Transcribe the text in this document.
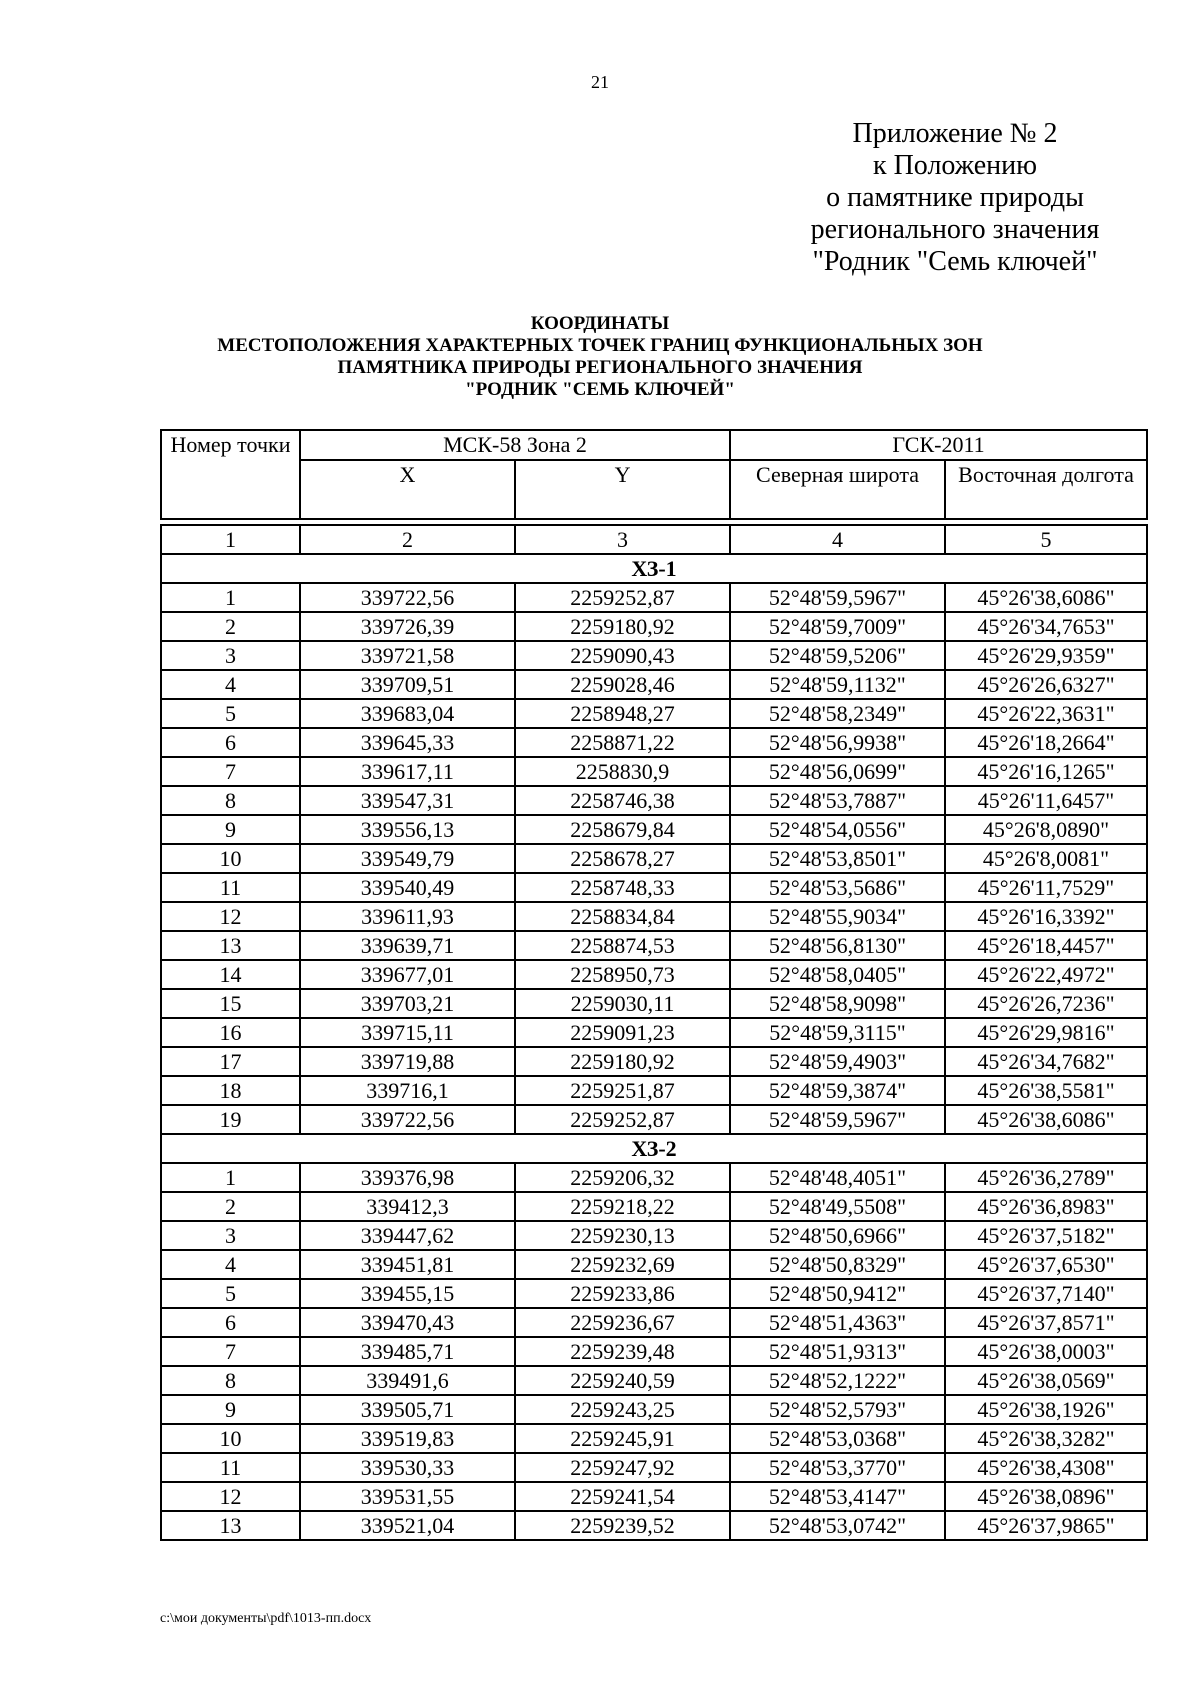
21
Приложение № 2
к Положению
о памятнике природы
регионального значения
"Родник "Семь ключей"
КООРДИНАТЫ
МЕСТОПОЛОЖЕНИЯ ХАРАКТЕРНЫХ ТОЧЕК ГРАНИЦ ФУНКЦИОНАЛЬНЫХ ЗОН
ПАМЯТНИКА ПРИРОДЫ РЕГИОНАЛЬНОГО ЗНАЧЕНИЯ
"РОДНИК "СЕМЬ КЛЮЧЕЙ"
Номер точки	МСК-58 Зона 2		ГСК-2011	
	X	Y	Северная широта	Восточная долгота

1	2	3	4	5
ХЗ-1				
1	339722,56	2259252,87	52°48'59,5967"	45°26'38,6086"
2	339726,39	2259180,92	52°48'59,7009"	45°26'34,7653"
3	339721,58	2259090,43	52°48'59,5206"	45°26'29,9359"
4	339709,51	2259028,46	52°48'59,1132"	45°26'26,6327"
5	339683,04	2258948,27	52°48'58,2349"	45°26'22,3631"
6	339645,33	2258871,22	52°48'56,9938"	45°26'18,2664"
7	339617,11	2258830,9	52°48'56,0699"	45°26'16,1265"
8	339547,31	2258746,38	52°48'53,7887"	45°26'11,6457"
9	339556,13	2258679,84	52°48'54,0556"	45°26'8,0890"
10	339549,79	2258678,27	52°48'53,8501"	45°26'8,0081"
11	339540,49	2258748,33	52°48'53,5686"	45°26'11,7529"
12	339611,93	2258834,84	52°48'55,9034"	45°26'16,3392"
13	339639,71	2258874,53	52°48'56,8130"	45°26'18,4457"
14	339677,01	2258950,73	52°48'58,0405"	45°26'22,4972"
15	339703,21	2259030,11	52°48'58,9098"	45°26'26,7236"
16	339715,11	2259091,23	52°48'59,3115"	45°26'29,9816"
17	339719,88	2259180,92	52°48'59,4903"	45°26'34,7682"
18	339716,1	2259251,87	52°48'59,3874"	45°26'38,5581"
19	339722,56	2259252,87	52°48'59,5967"	45°26'38,6086"
ХЗ-2				
1	339376,98	2259206,32	52°48'48,4051"	45°26'36,2789"
2	339412,3	2259218,22	52°48'49,5508"	45°26'36,8983"
3	339447,62	2259230,13	52°48'50,6966"	45°26'37,5182"
4	339451,81	2259232,69	52°48'50,8329"	45°26'37,6530"
5	339455,15	2259233,86	52°48'50,9412"	45°26'37,7140"
6	339470,43	2259236,67	52°48'51,4363"	45°26'37,8571"
7	339485,71	2259239,48	52°48'51,9313"	45°26'38,0003"
8	339491,6	2259240,59	52°48'52,1222"	45°26'38,0569"
9	339505,71	2259243,25	52°48'52,5793"	45°26'38,1926"
10	339519,83	2259245,91	52°48'53,0368"	45°26'38,3282"
11	339530,33	2259247,92	52°48'53,3770"	45°26'38,4308"
12	339531,55	2259241,54	52°48'53,4147"	45°26'38,0896"
13	339521,04	2259239,52	52°48'53,0742"	45°26'37,9865"
c:\мои документы\pdf\1013-пп.docx
